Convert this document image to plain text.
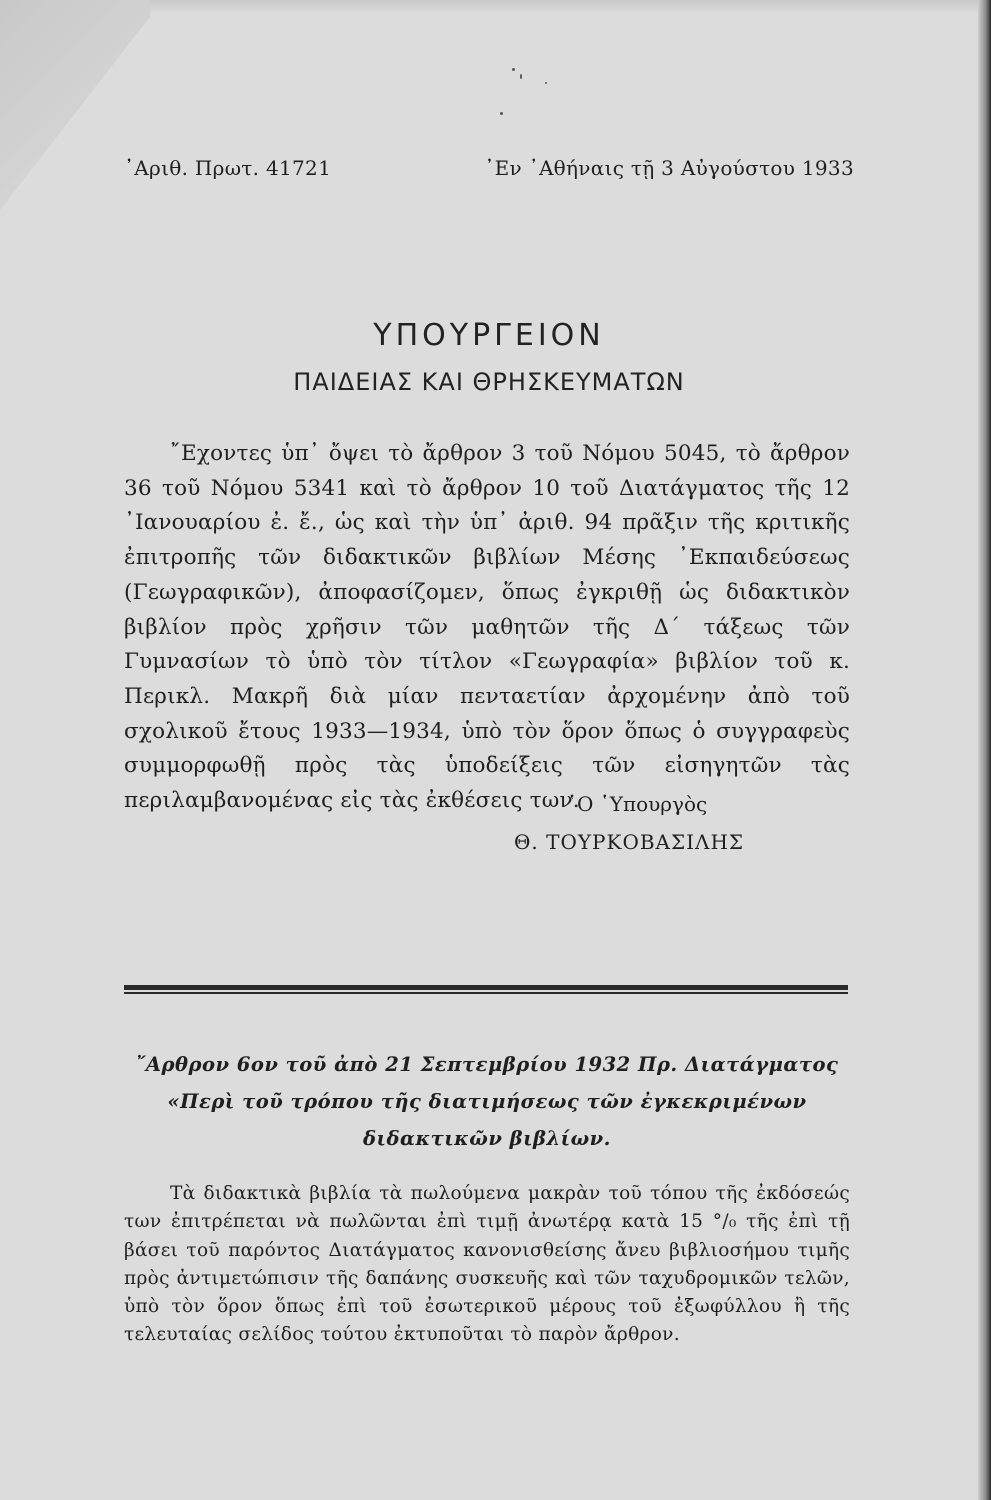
᾿Αριθ. Πρωτ. 41721	᾿Εν ᾿Αθήναις τῇ 3 Αὐγούστου 1933
ΥΠΟΥΡΓΕΙΟΝ
ΠΑΙΔΕΙΑΣ ΚΑΙ ΘΡΗΣΚΕΥΜΑΤΩΝ

῎Εχοντες ὑπ᾿ ὄψει τὸ ἄρθρον 3 τοῦ Νόμου 5045, τὸ ἄρθρον 36 τοῦ Νόμου 5341 καὶ τὸ ἄρθρον 10 τοῦ Διατάγματος τῆς 12 ᾿Ιανουαρίου ἐ. ἔ., ὡς καὶ τὴν ὑπ᾿ ἀριθ. 94 πρᾶξιν τῆς κριτικῆς ἐπιτροπῆς τῶν διδακτικῶν βιβλίων Μέσης ᾿Εκπαιδεύσεως (Γεωγραφικῶν), ἀποφασίζομεν, ὅπως ἐγκριθῇ ὡς διδακτικὸν βιβλίον πρὸς χρῆσιν τῶν μαθητῶν τῆς Δ΄ τάξεως τῶν Γυμνασίων τὸ ὑπὸ τὸν τίτλον «Γεωγραφία» βιβλίον τοῦ κ. Περικλ. Μακρῆ διὰ μίαν πενταετίαν ἀρχομένην ἀπὸ τοῦ σχολικοῦ ἔτους 1933—1934, ὑπὸ τὸν ὅρον ὅπως ὁ συγγραφεὺς συμμορφωθῇ πρὸς τὰς ὑποδείξεις τῶν εἰσηγητῶν τὰς περιλαμβανομένας εἰς τὰς ἐκθέσεις των.

῾Ο ῾Υπουργὸς
Θ. ΤΟΥΡΚΟΒΑΣΙΛΗΣ
῎Αρθρον 6ον τοῦ ἀπὸ 21 Σεπτεμβρίου 1932 Πρ. Διατάγματος
«Περὶ τοῦ τρόπου τῆς διατιμήσεως τῶν ἐγκεκριμένων
διδακτικῶν βιβλίων.

Τὰ διδακτικὰ βιβλία τὰ πωλούμενα μακρὰν τοῦ τόπου τῆς ἐκδόσεώς των ἐπιτρέπεται νὰ πωλῶνται ἐπὶ τιμῇ ἀνωτέρᾳ κατὰ 15 °/₀ τῆς ἐπὶ τῇ βάσει τοῦ παρόντος Διατάγματος κανονισθείσης ἄνευ βιβλιοσήμου τιμῆς πρὸς ἀντιμετώπισιν τῆς δαπάνης συσκευῆς καὶ τῶν ταχυδρομικῶν τελῶν, ὑπὸ τὸν ὅρον ὅπως ἐπὶ τοῦ ἐσωτερικοῦ μέρους τοῦ ἐξωφύλλου ἢ τῆς τελευταίας σελίδος τούτου ἐκτυποῦται τὸ παρὸν ἄρθρον.
